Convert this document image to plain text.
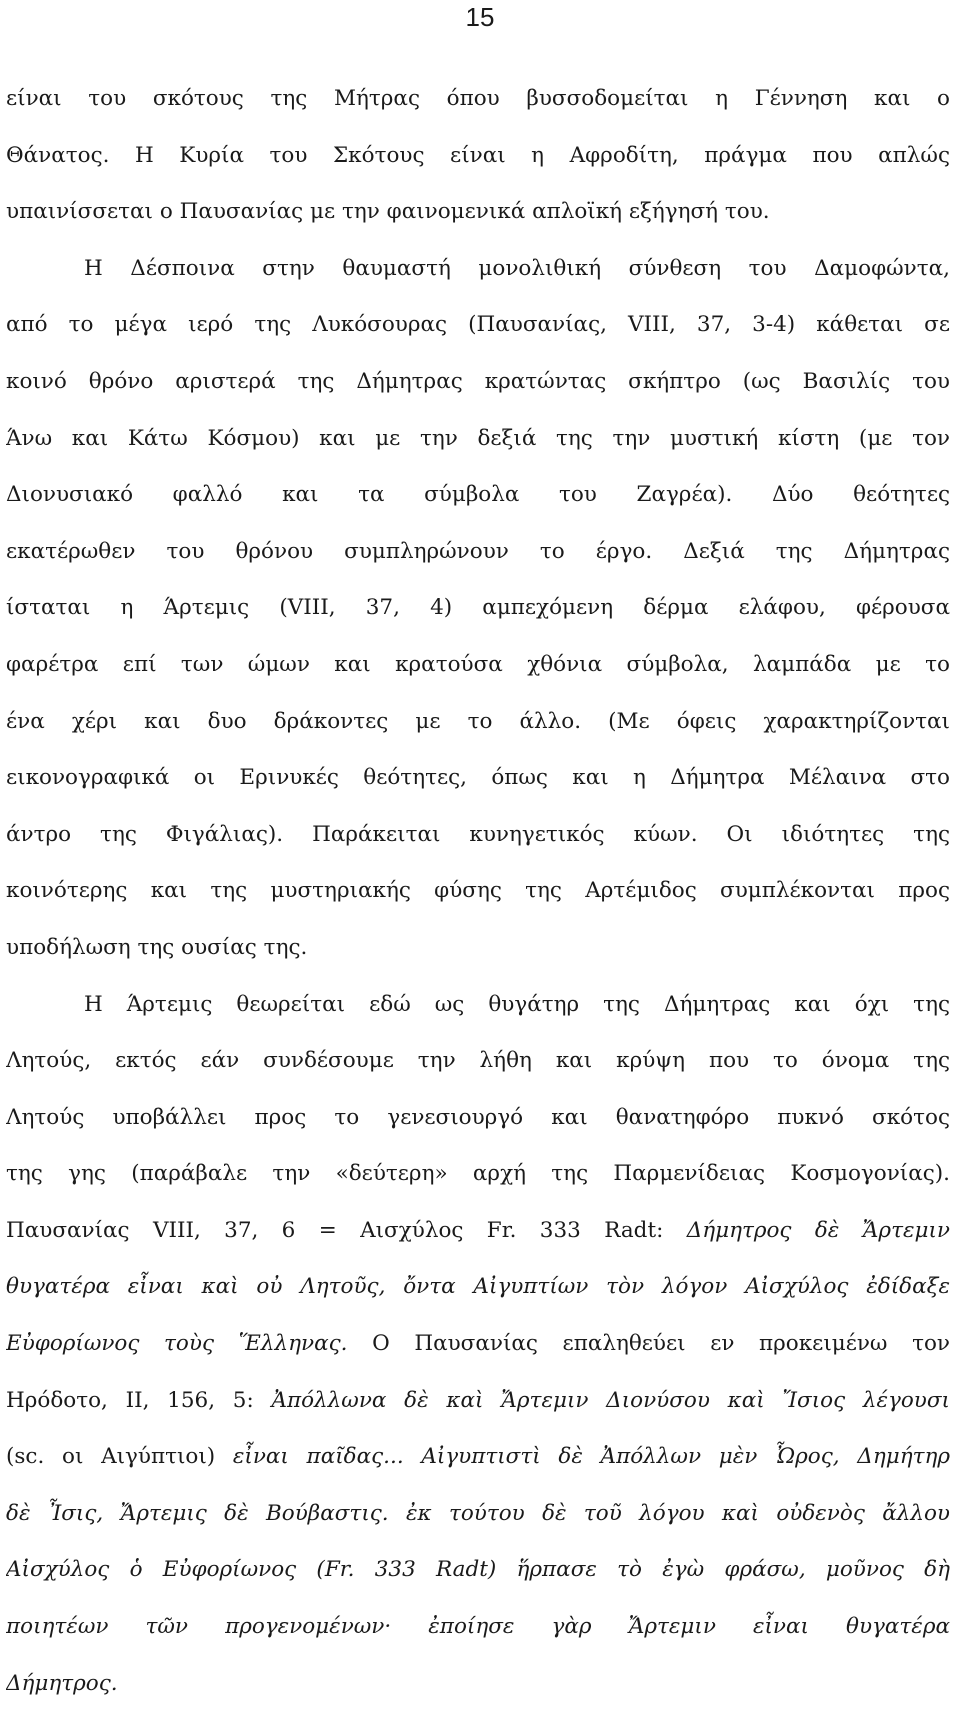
15

είναι του σκότους της Μήτρας όπου βυσσοδομείται η Γέννηση και ο
Θάνατος. Η Κυρία του Σκότους είναι η Αφροδίτη, πράγμα που απλώς
υπαινίσσεται ο Παυσανίας με την φαινομενικά απλοϊκή εξήγησή του.

Η Δέσποινα στην θαυμαστή μονολιθική σύνθεση του Δαμοφώντα,
από το μέγα ιερό της Λυκόσουρας (Παυσανίας, VIII, 37, 3-4) κάθεται σε
κοινό θρόνο αριστερά της Δήμητρας κρατώντας σκήπτρο (ως Βασιλίς του
Άνω και Κάτω Κόσμου) και με την δεξιά της την μυστική κίστη (με τον
Διονυσιακό φαλλό και τα σύμβολα του Ζαγρέα). Δύο θεότητες
εκατέρωθεν του θρόνου συμπληρώνουν το έργο. Δεξιά της Δήμητρας
ίσταται η Άρτεμις (VIII, 37, 4) αμπεχόμενη δέρμα ελάφου, φέρουσα
φαρέτρα επί των ώμων και κρατούσα χθόνια σύμβολα, λαμπάδα με το
ένα χέρι και δυο δράκοντες με το άλλο. (Με όφεις χαρακτηρίζονται
εικονογραφικά οι Ερινυκές θεότητες, όπως και η Δήμητρα Μέλαινα στο
άντρο της Φιγάλιας). Παράκειται κυνηγετικός κύων. Οι ιδιότητες της
κοινότερης και της μυστηριακής φύσης της Αρτέμιδος συμπλέκονται προς
υποδήλωση της ουσίας της.

Η Άρτεμις θεωρείται εδώ ως θυγάτηρ της Δήμητρας και όχι της
Λητούς, εκτός εάν συνδέσουμε την λήθη και κρύψη που το όνομα της
Λητούς υποβάλλει προς το γενεσιουργό και θανατηφόρο πυκνό σκότος
της γης (παράβαλε την «δεύτερη» αρχή της Παρμενίδειας Κοσμογονίας).
Παυσανίας VIII, 37, 6 = Αισχύλος Fr. 333 Radt: Δήμητρος δὲ Ἄρτεμιν
θυγατέρα εἶναι καὶ οὐ Λητοῦς, ὄντα Αἰγυπτίων τὸν λόγον Αἰσχύλος ἐδίδαξε
Εὐφορίωνος τοὺς Ἕλληνας. Ο Παυσανίας επαληθεύει εν προκειμένω τον
Ηρόδοτο, II, 156, 5: Ἀπόλλωνα δὲ καὶ Ἄρτεμιν Διονύσου καὶ Ἴσιος λέγουσι
(sc. οι Αιγύπτιοι) εἶναι παῖδας... Αἰγυπτιστὶ δὲ Ἀπόλλων μὲν Ὦρος, Δημήτηρ
δὲ Ἶσις, Ἄρτεμις δὲ Βούβαστις. ἐκ τούτου δὲ τοῦ λόγου καὶ οὐδενὸς ἄλλου
Αἰσχύλος ὁ Εὐφορίωνος (Fr. 333 Radt) ἥρπασε τὸ ἐγὼ φράσω, μοῦνος δὴ
ποιητέων τῶν προγενομένων· ἐποίησε γὰρ Ἄρτεμιν εἶναι θυγατέρα
Δήμητρος.
